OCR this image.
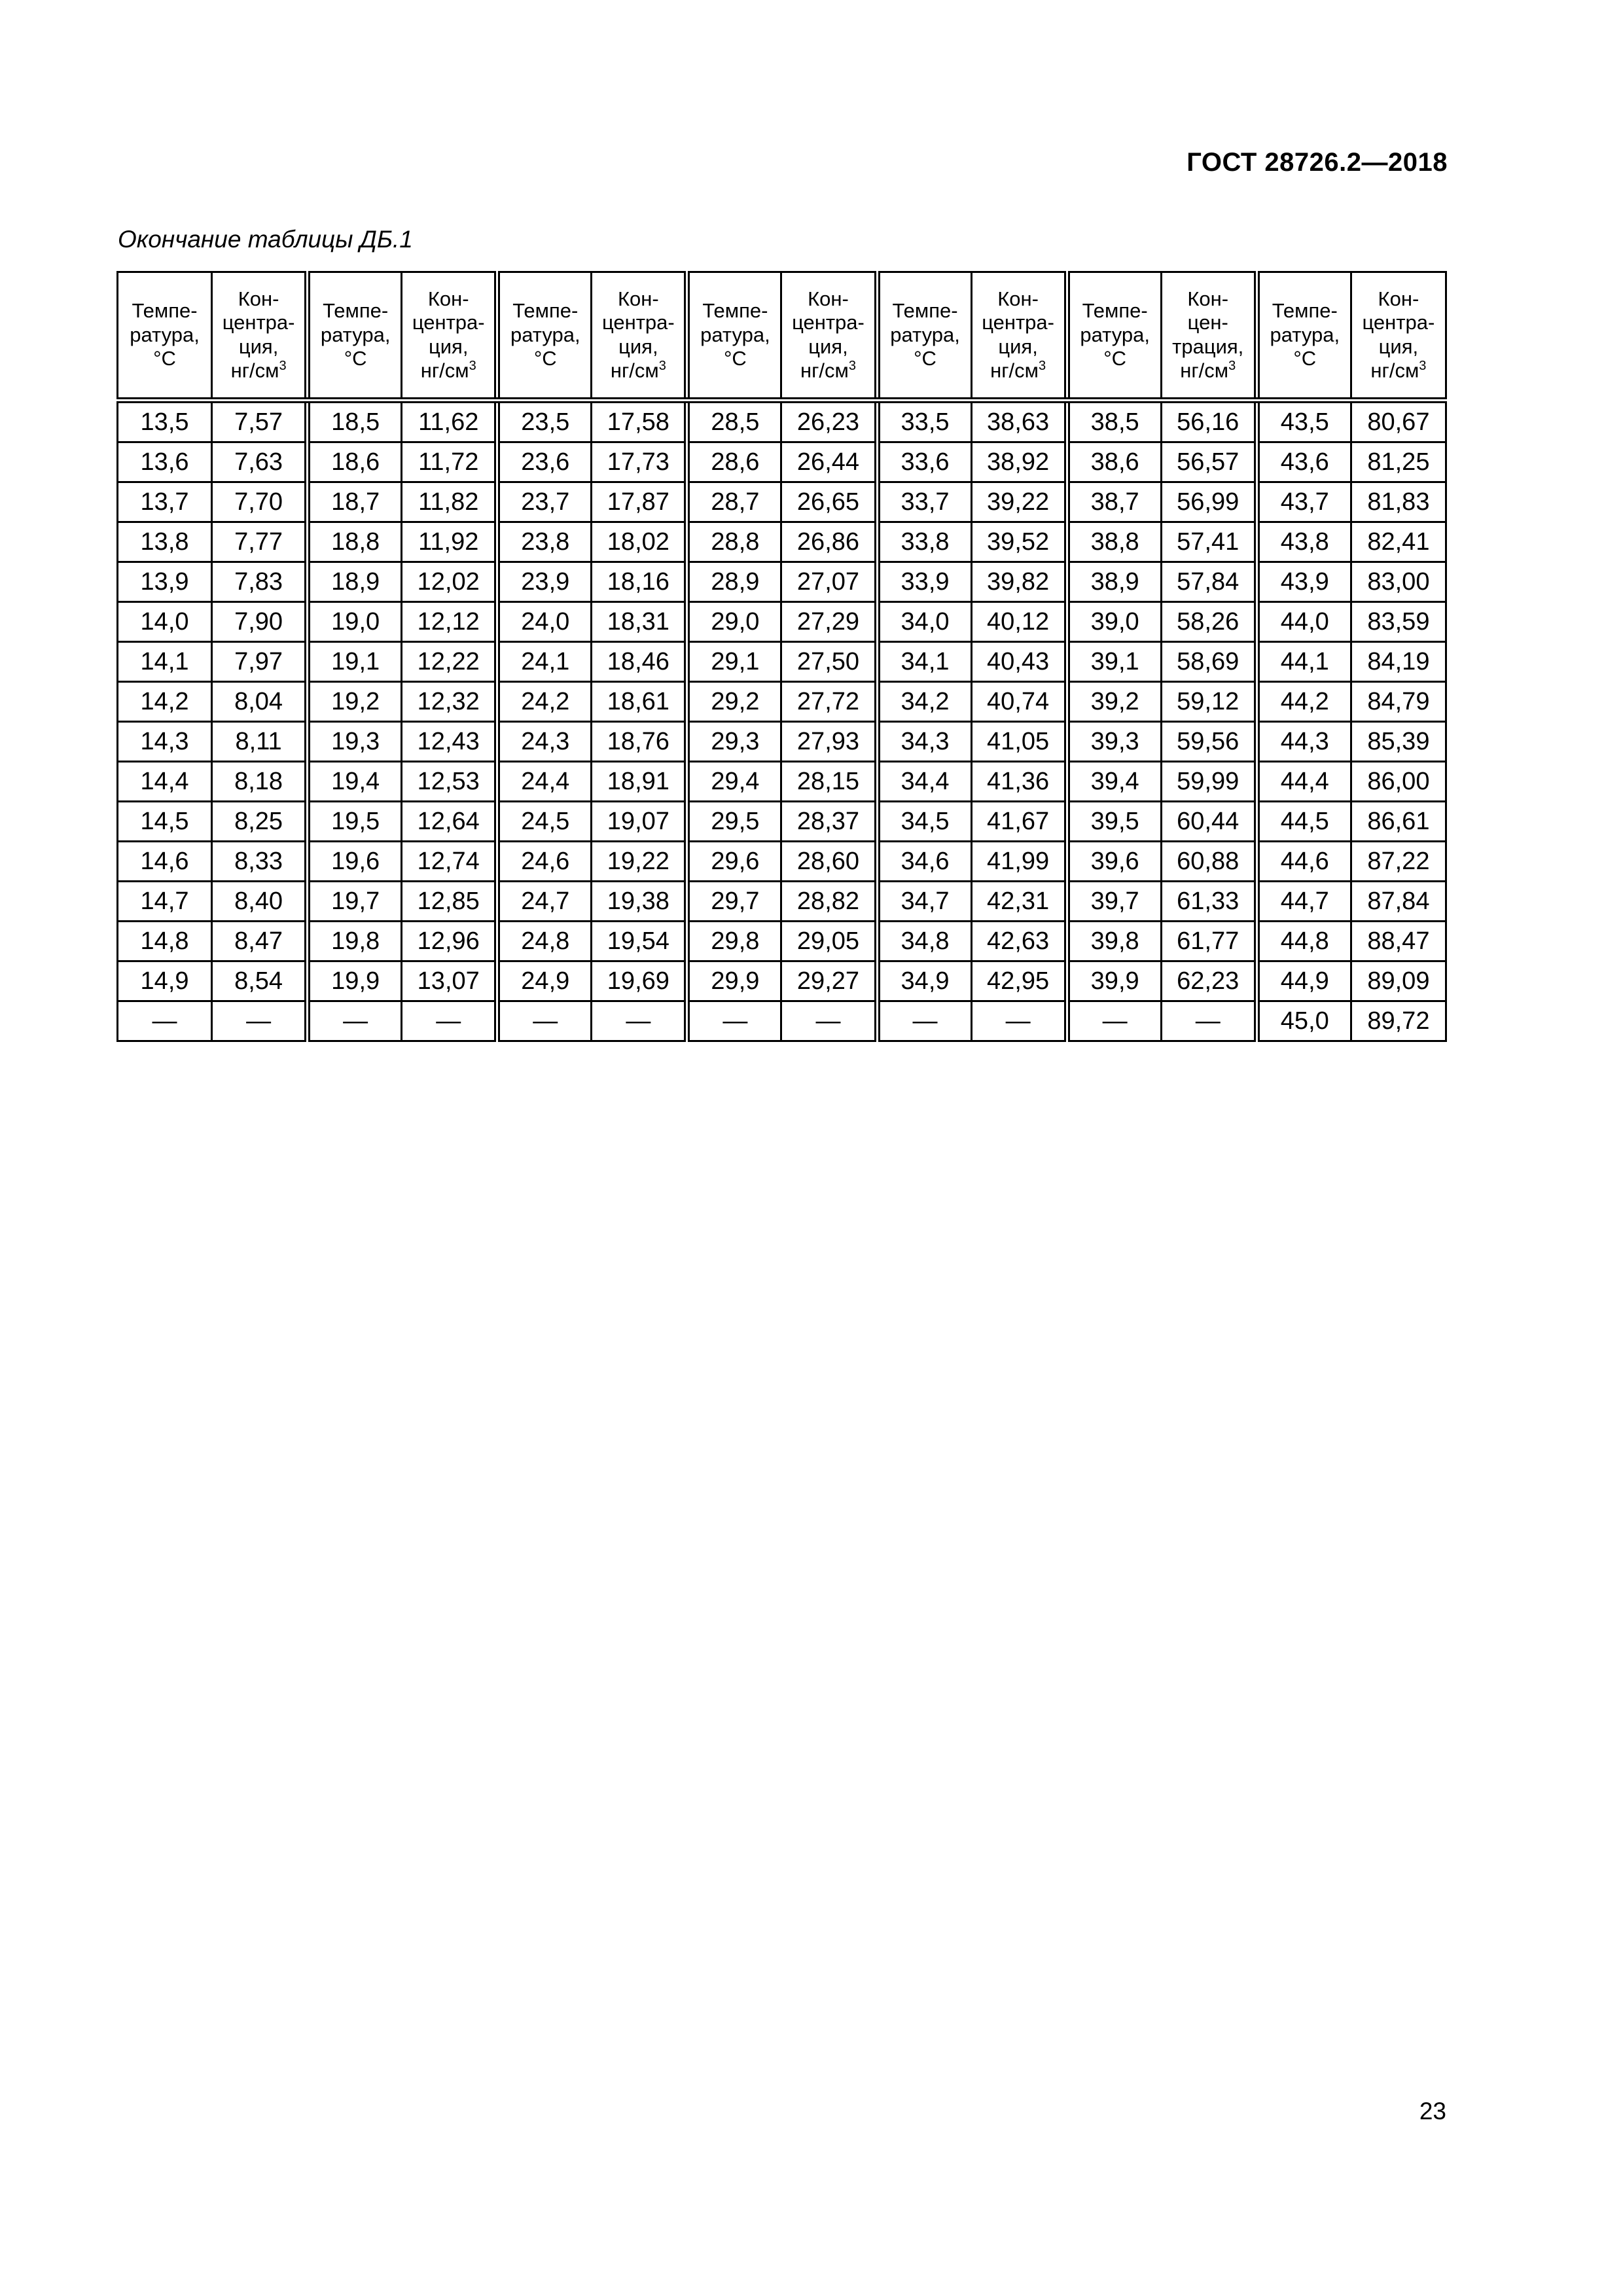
ГОСТ 28726.2—2018
Окончание таблицы ДБ.1
Темпе-
ратура,
°C	Кон-
центра-
ция,
$нг/см^3$	Темпе-
ратура,
°C	Кон-
центра-
ция,
$нг/см^3$	Темпе-
ратура,
°C	Кон-
центра-
ция,
$нг/см^3$	Темпе-
ратура,
°C	Кон-
центра-
ция,
$нг/см^3$	Темпе-
ратура,
°C	Кон-
центра-
ция,
$нг/см^3$	Темпе-
ратура,
°C	Кон-
цен-
трация,
$нг/см^3$	Темпе-
ратура,
°C	Кон-
центра-
ция,
$нг/см^3$
13,5	7,57	18,5	11,62	23,5	17,58	28,5	26,23	33,5	38,63	38,5	56,16	43,5	80,67
13,6	7,63	18,6	11,72	23,6	17,73	28,6	26,44	33,6	38,92	38,6	56,57	43,6	81,25
13,7	7,70	18,7	11,82	23,7	17,87	28,7	26,65	33,7	39,22	38,7	56,99	43,7	81,83
13,8	7,77	18,8	11,92	23,8	18,02	28,8	26,86	33,8	39,52	38,8	57,41	43,8	82,41
13,9	7,83	18,9	12,02	23,9	18,16	28,9	27,07	33,9	39,82	38,9	57,84	43,9	83,00
14,0	7,90	19,0	12,12	24,0	18,31	29,0	27,29	34,0	40,12	39,0	58,26	44,0	83,59
14,1	7,97	19,1	12,22	24,1	18,46	29,1	27,50	34,1	40,43	39,1	58,69	44,1	84,19
14,2	8,04	19,2	12,32	24,2	18,61	29,2	27,72	34,2	40,74	39,2	59,12	44,2	84,79
14,3	8,11	19,3	12,43	24,3	18,76	29,3	27,93	34,3	41,05	39,3	59,56	44,3	85,39
14,4	8,18	19,4	12,53	24,4	18,91	29,4	28,15	34,4	41,36	39,4	59,99	44,4	86,00
14,5	8,25	19,5	12,64	24,5	19,07	29,5	28,37	34,5	41,67	39,5	60,44	44,5	86,61
14,6	8,33	19,6	12,74	24,6	19,22	29,6	28,60	34,6	41,99	39,6	60,88	44,6	87,22
14,7	8,40	19,7	12,85	24,7	19,38	29,7	28,82	34,7	42,31	39,7	61,33	44,7	87,84
14,8	8,47	19,8	12,96	24,8	19,54	29,8	29,05	34,8	42,63	39,8	61,77	44,8	88,47
14,9	8,54	19,9	13,07	24,9	19,69	29,9	29,27	34,9	42,95	39,9	62,23	44,9	89,09
—	—	—	—	—	—	—	—	—	—	—	—	45,0	89,72
23
